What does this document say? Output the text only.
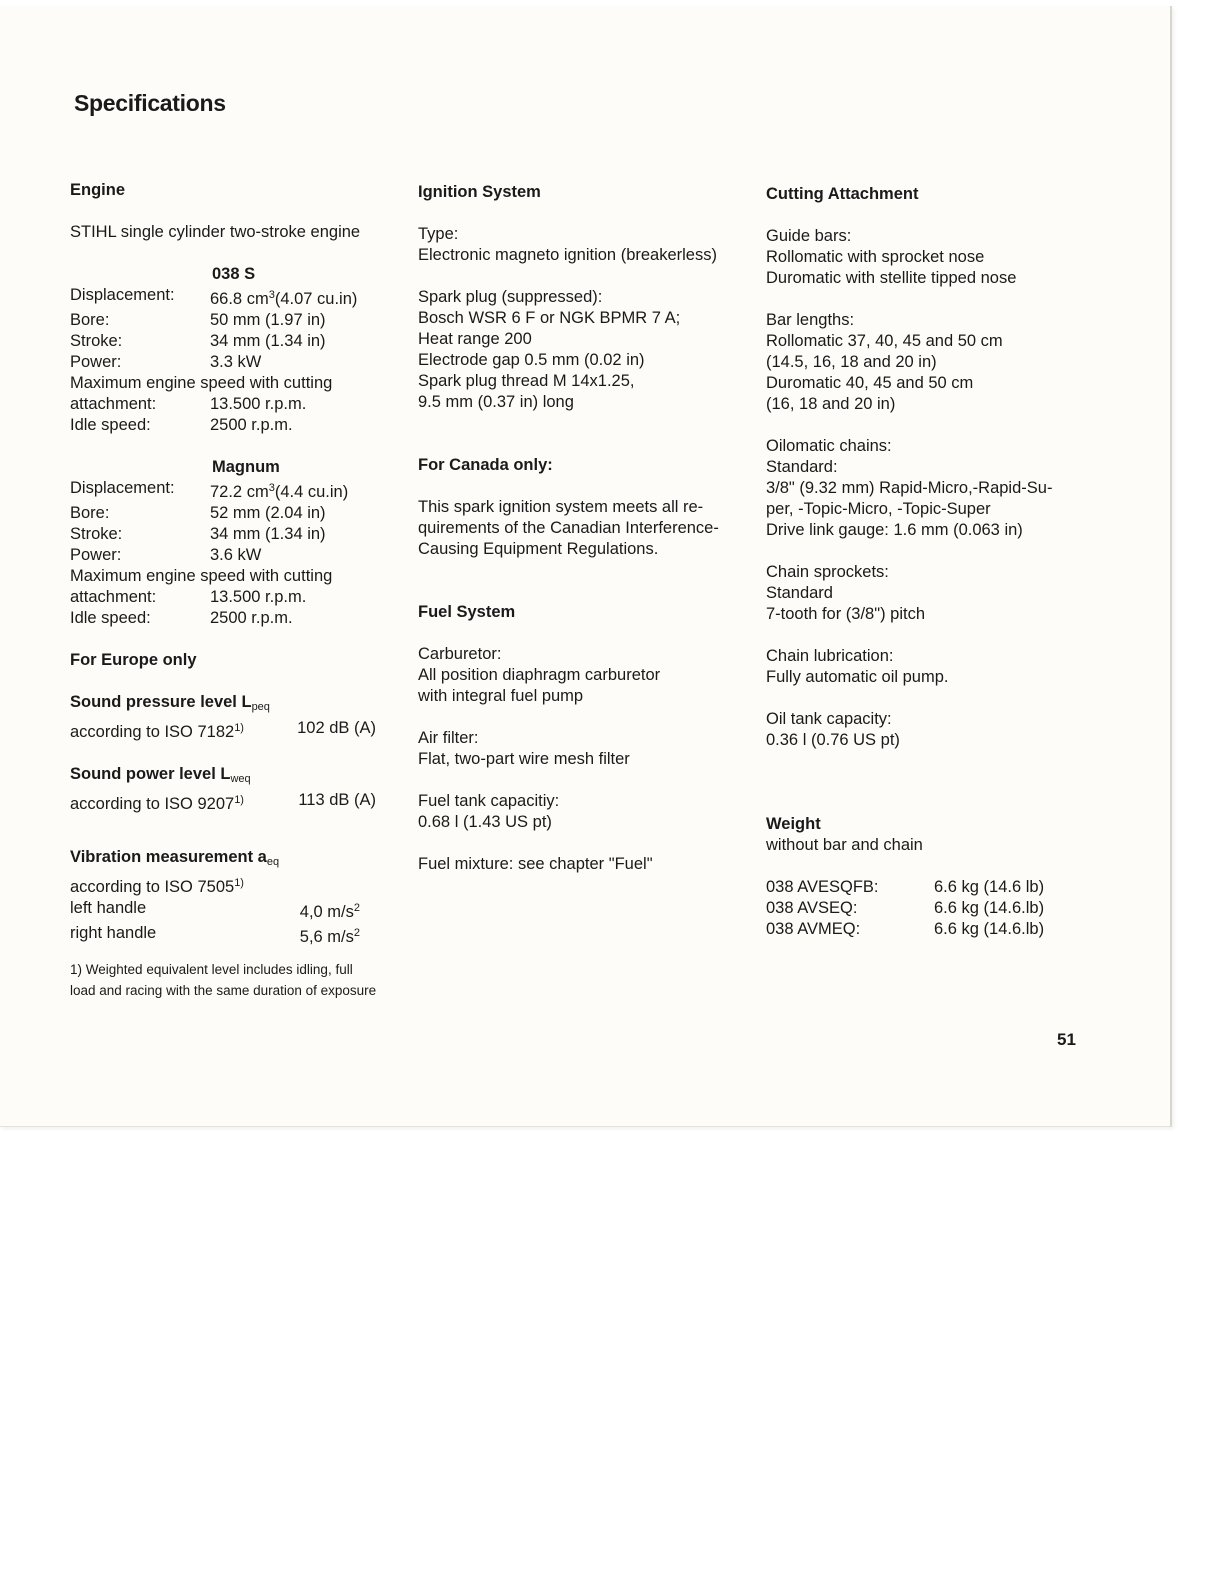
Specifications
Engine
STIHL single cylinder two-stroke engine
038 S
Displacement:	66.8 $cm^3(4.07$ cu.in)
Bore:	50 mm (1.97 in)
Stroke:	34 mm (1.34 in)
Power:	3.3 kW
Maximum engine speed with cutting
attachment:	13.500 r.p.m.
Idle speed:	2500 r.p.m.
Magnum
Displacement:	72.2 $cm^3(4.4$ cu.in)
Bore:	52 mm (2.04 in)
Stroke:	34 mm (1.34 in)
Power:	3.6 kW
Maximum engine speed with cutting
attachment:	13.500 r.p.m.
Idle speed:	2500 r.p.m.
For Europe only
Sound pressure level $L_{peq}$
according to ISO 7182$^{1)}$	102 dB (A)
Sound power level $L_{weq}$
according to ISO 9207$^{1)}$	113 dB (A)
Vibration measurement $a_{eq}$
according to ISO 7505$^{1)}$
left handle	4,0 $m/s^2$
right handle	5,6 $m/s^2$
1) Weighted equivalent level includes idling, full load and racing with the same duration of exposure
Ignition System
Type:
Electronic magneto ignition (breakerless)
Spark plug (suppressed):
Bosch WSR 6 F or NGK BPMR 7 A;
Heat range 200
Electrode gap 0.5 mm (0.02 in)
Spark plug thread M 14x1.25,
9.5 mm (0.37 in) long
For Canada only:
This spark ignition system meets all re-
quirements of the Canadian Interference-
Causing Equipment Regulations.
Fuel System
Carburetor:
All position diaphragm carburetor
with integral fuel pump
Air filter:
Flat, two-part wire mesh filter
Fuel tank capacitiy:
0.68 l (1.43 US pt)
Fuel mixture: see chapter "Fuel"
Cutting Attachment
Guide bars:
Rollomatic with sprocket nose
Duromatic with stellite tipped nose
Bar lengths:
Rollomatic 37, 40, 45 and 50 cm
(14.5, 16, 18 and 20 in)
Duromatic 40, 45 and 50 cm
(16, 18 and 20 in)
Oilomatic chains:
Standard:
3/8" (9.32 mm) Rapid-Micro,-Rapid-Su-
per, -Topic-Micro, -Topic-Super
Drive link gauge: 1.6 mm (0.063 in)
Chain sprockets:
Standard
7-tooth for (3/8") pitch
Chain lubrication:
Fully automatic oil pump.
Oil tank capacity:
0.36 l (0.76 US pt)
Weight
without bar and chain
038 AVESQFB:	6.6 kg (14.6 lb)
038 AVSEQ:	6.6 kg (14.6.lb)
038 AVMEQ:	6.6 kg (14.6.lb)
51
